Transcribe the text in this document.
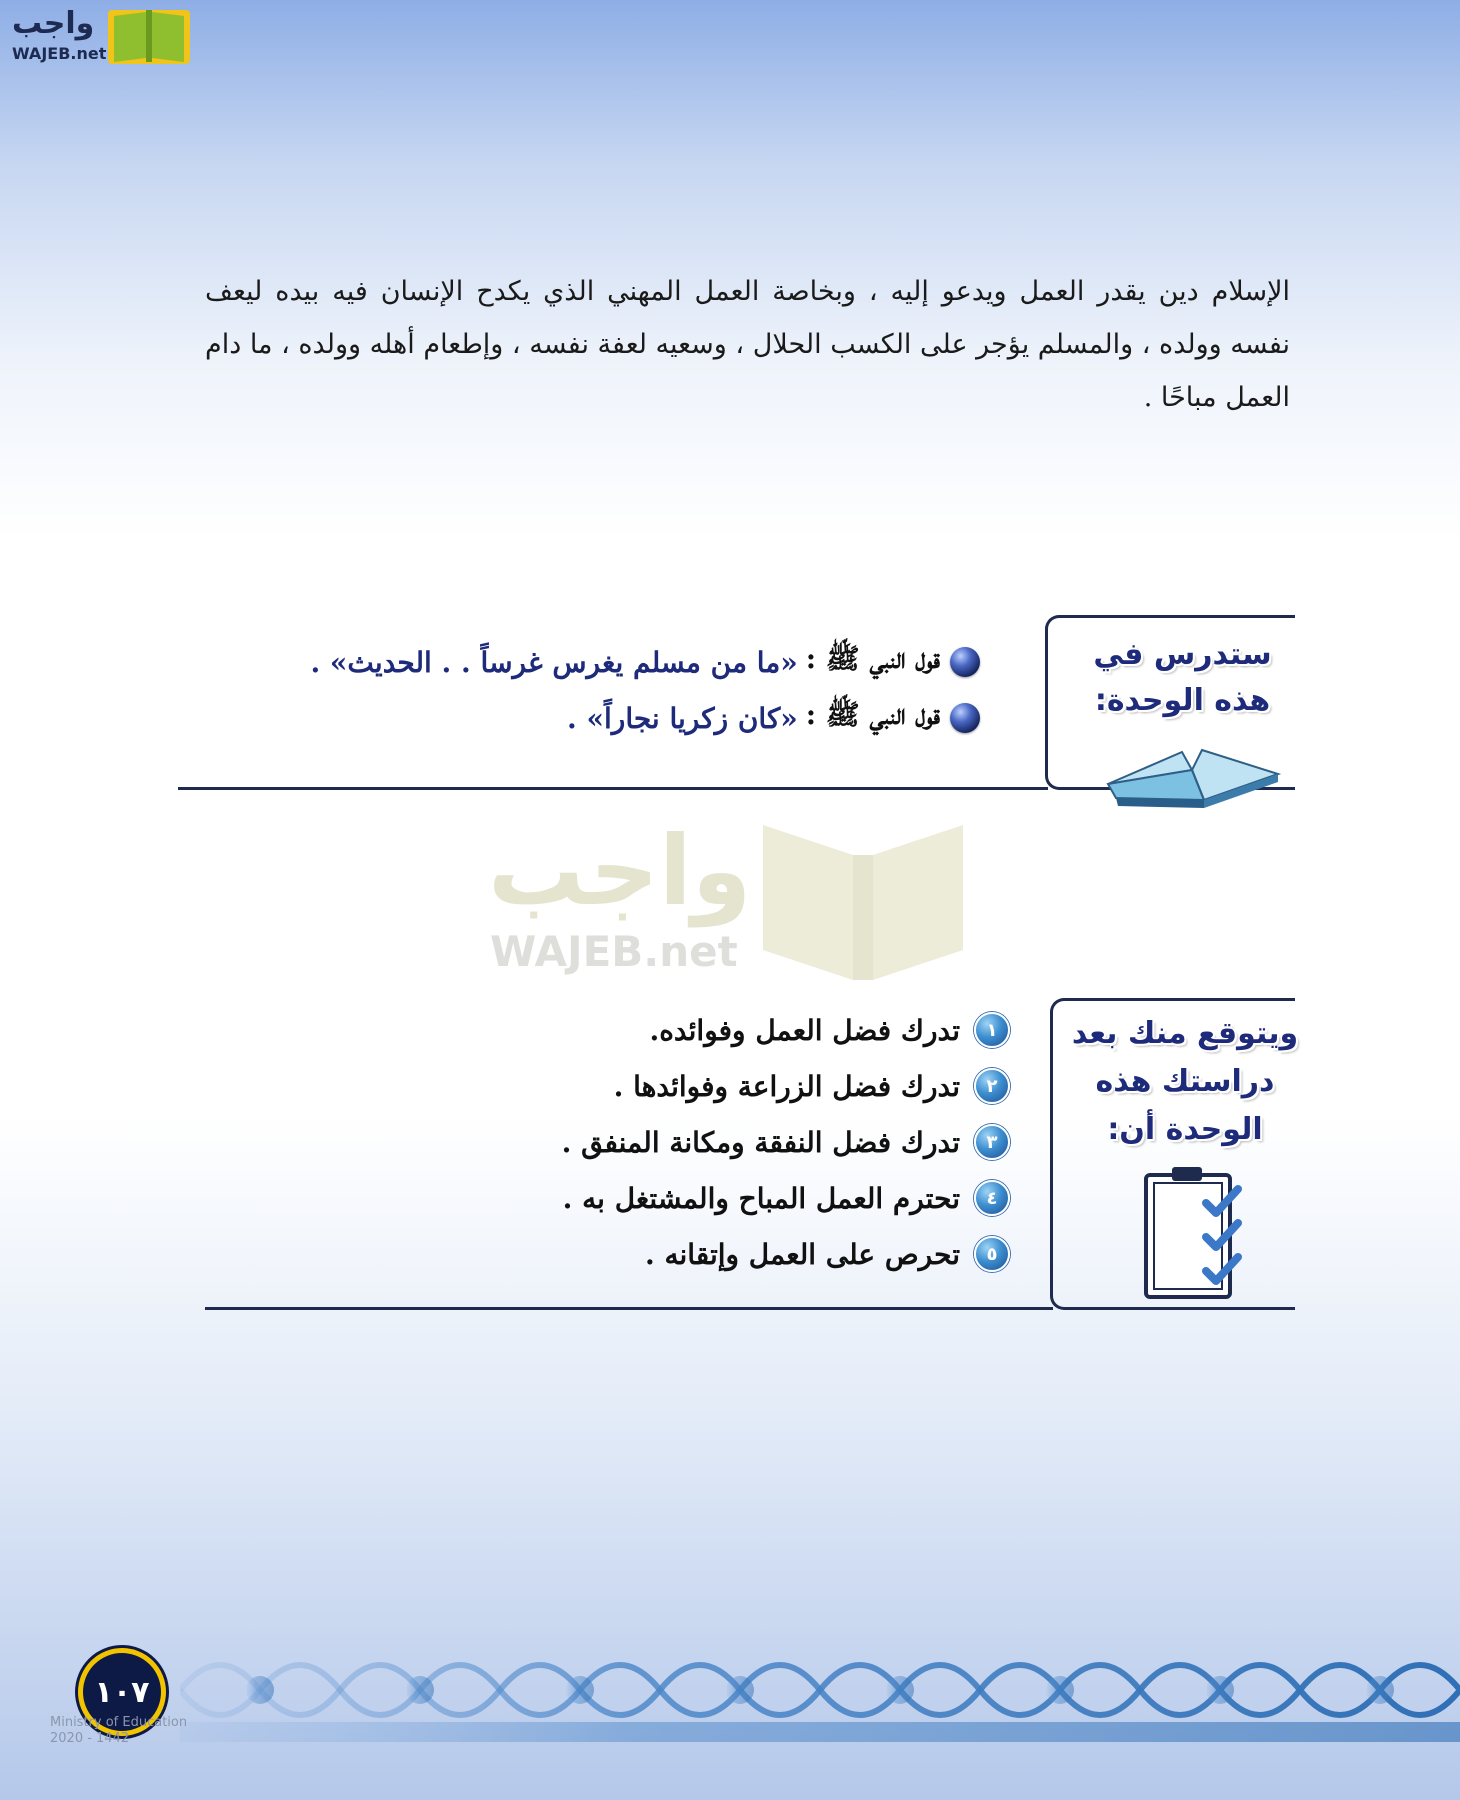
واجب
WAJEB.net

الإسلام دين يقدر العمل ويدعو إليه ، وبخاصة العمل المهني الذي يكدح الإنسان فيه بيده ليعف نفسه وولده ، والمسلم يؤجر على الكسب الحلال ، وسعيه لعفة نفسه ، وإطعام أهله وولده ، ما دام العمل مباحًا .

ستدرس في
هذه الوحدة:
قول النبي ﷺ :
«ما من مسلم يغرس غرساً . . الحديث» .
قول النبي ﷺ :
«كان زكريا نجاراً» .
واجب
WAJEB.net
ويتوقع منك بعد
دراستك هذه
الوحدة أن:
١
تدرك فضل العمل وفوائده.
٢
تدرك فضل الزراعة وفوائدها .
٣
تدرك فضل النفقة ومكانة المنفق .
٤
تحترم العمل المباح والمشتغل به .
٥
تحرص على العمل وإتقانه .
١٠٧
Ministry of Education
2020 - 1442
